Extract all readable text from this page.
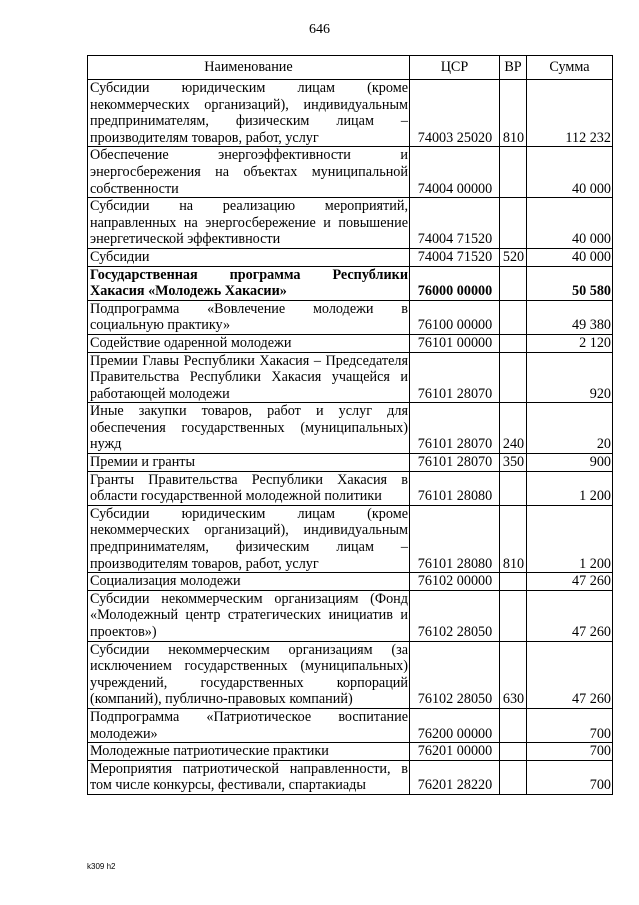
646
Наименование	ЦСР	ВР	Сумма
Субсидии юридическим лицам (кроме некоммерческих организаций), индивидуальным предпринимателям, физическим лицам – производителям товаров, работ, услуг	74003 25020	810	112 232
Обеспечение энергоэффективности и энергосбережения на объектах муниципальной собственности	74004 00000		40 000
Субсидии на реализацию мероприятий, направленных на энергосбережение и повышение энергетической эффективности	74004 71520		40 000
Субсидии	74004 71520	520	40 000
Государственная программа Республики Хакасия «Молодежь Хакасии»	76000 00000		50 580
Подпрограмма «Вовлечение молодежи в социальную практику»	76100 00000		49 380
Содействие одаренной молодежи	76101 00000		2 120
Премии Главы Республики Хакасия – Председателя Правительства Республики Хакасия учащейся и работающей молодежи	76101 28070		920
Иные закупки товаров, работ и услуг для обеспечения государственных (муниципальных) нужд	76101 28070	240	20
Премии и гранты	76101 28070	350	900
Гранты Правительства Республики Хакасия в области государственной молодежной политики	76101 28080		1 200
Субсидии юридическим лицам (кроме некоммерческих организаций), индивидуальным предпринимателям, физическим лицам – производителям товаров, работ, услуг	76101 28080	810	1 200
Социализация молодежи	76102 00000		47 260
Субсидии некоммерческим организациям (Фонд «Молодежный центр стратегических инициатив и проектов»)	76102 28050		47 260
Субсидии некоммерческим организациям (за исключением государственных (муниципальных) учреждений, государственных корпораций (компаний), публично-правовых компаний)	76102 28050	630	47 260
Подпрограмма «Патриотическое воспитание молодежи»	76200 00000		700
Молодежные патриотические практики	76201 00000		700
Мероприятия патриотической направленности, в том числе конкурсы, фестивали, спартакиады	76201 28220		700
k309 h2
